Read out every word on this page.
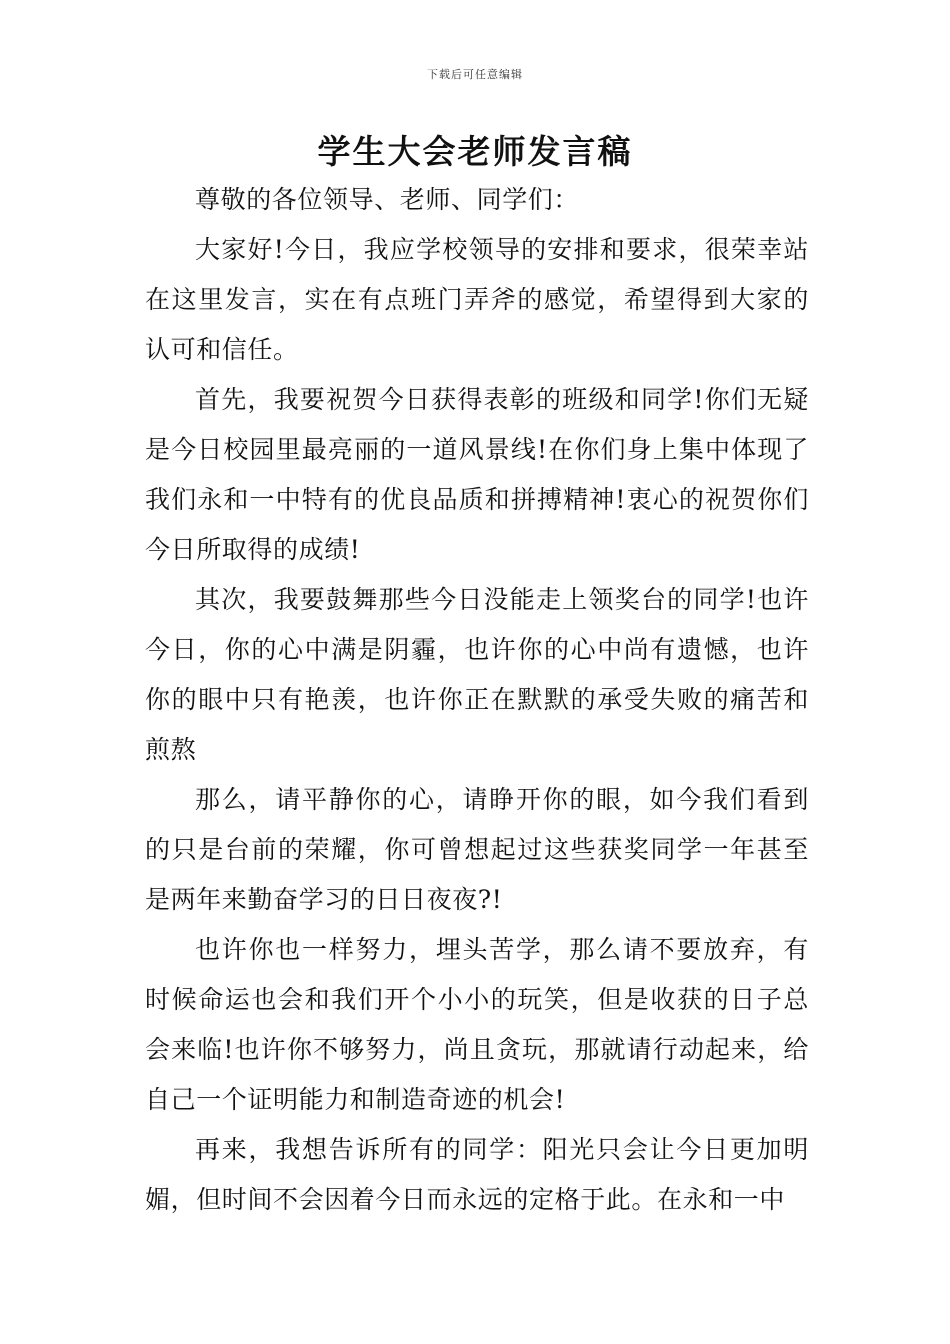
下载后可任意编辑
学生大会老师发言稿

尊敬的各位领导、老师、同学们：

大家好!今日，我应学校领导的安排和要求，很荣幸站在这里发言，实在有点班门弄斧的感觉，希望得到大家的认可和信任。

首先，我要祝贺今日获得表彰的班级和同学!你们无疑是今日校园里最亮丽的一道风景线!在你们身上集中体现了我们永和一中特有的优良品质和拼搏精神!衷心的祝贺你们今日所取得的成绩!

其次，我要鼓舞那些今日没能走上领奖台的同学!也许今日，你的心中满是阴霾，也许你的心中尚有遗憾，也许你的眼中只有艳羡，也许你正在默默的承受失败的痛苦和煎熬

那么，请平静你的心，请睁开你的眼，如今我们看到的只是台前的荣耀，你可曾想起过这些获奖同学一年甚至是两年来勤奋学习的日日夜夜?!

也许你也一样努力，埋头苦学，那么请不要放弃，有时候命运也会和我们开个小小的玩笑，但是收获的日子总会来临!也许你不够努力，尚且贪玩，那就请行动起来，给自己一个证明能力和制造奇迹的机会!

再来，我想告诉所有的同学：阳光只会让今日更加明媚，但时间不会因着今日而永远的定格于此。在永和一中
